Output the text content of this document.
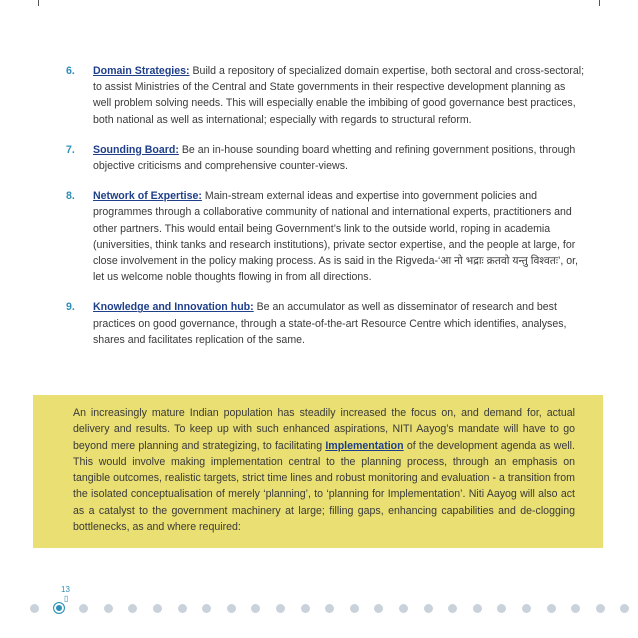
6. Domain Strategies: Build a repository of specialized domain expertise, both sectoral and cross-sectoral; to assist Ministries of the Central and State governments in their respective development planning as well problem solving needs. This will especially enable the imbibing of good governance best practices, both national as well as international; especially with regards to structural reform.
7. Sounding Board: Be an in-house sounding board whetting and refining government positions, through objective criticisms and comprehensive counter-views.
8. Network of Expertise: Main-stream external ideas and expertise into government policies and programmes through a collaborative community of national and international experts, practitioners and other partners. This would entail being Government’s link to the outside world, roping in academia (universities, think tanks and research institutions), private sector expertise, and the people at large, for close involvement in the policy making process. As is said in the Rigveda-‘आ नो भद्राः क्रतवो यन्तु विश्वतः’, or, let us welcome noble thoughts flowing in from all directions.
9. Knowledge and Innovation hub: Be an accumulator as well as disseminator of research and best practices on good governance, through a state-of-the-art Resource Centre which identifies, analyses, shares and facilitates replication of the same.
An increasingly mature Indian population has steadily increased the focus on, and demand for, actual delivery and results. To keep up with such enhanced aspirations, NITI Aayog’s mandate will have to go beyond mere planning and strategizing, to facilitating Implementation of the development agenda as well. This would involve making implementation central to the planning process, through an emphasis on tangible outcomes, realistic targets, strict time lines and robust monitoring and evaluation - a transition from the isolated conceptualisation of merely ‘planning’, to ‘planning for Implementation’. Niti Aayog will also act as a catalyst to the government machinery at large; filling gaps, enhancing capabilities and de-clogging bottlenecks, as and where required:
13
▯
